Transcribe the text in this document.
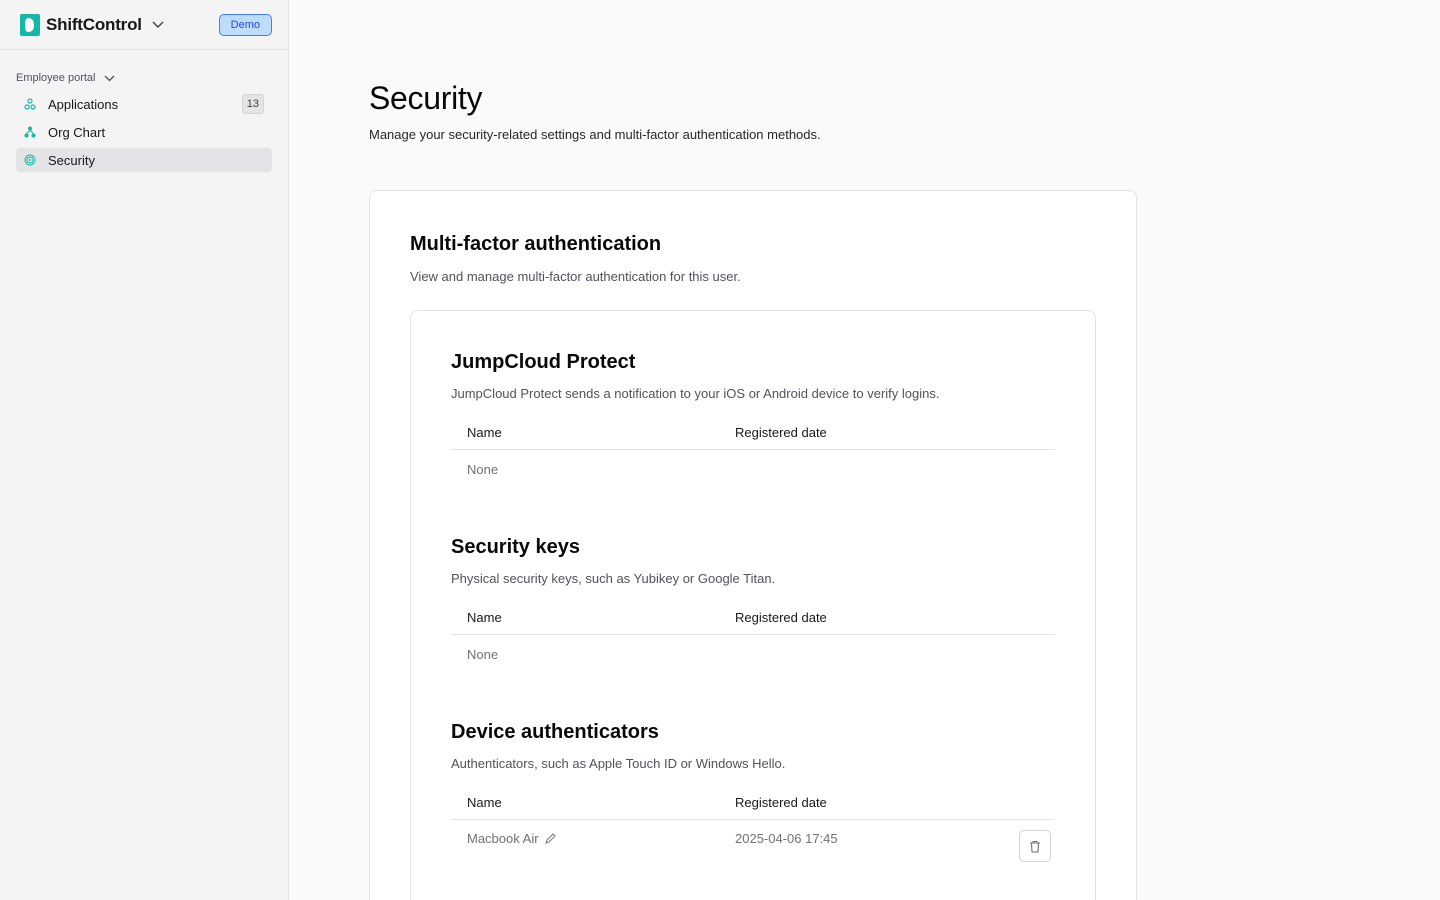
ShiftControl	Demo
Employee portal
Applications	13
Org Chart
Security
Security

Manage your security-related settings and multi-factor authentication methods.

Multi-factor authentication

View and manage multi-factor authentication for this user.

JumpCloud Protect

JumpCloud Protect sends a notification to your iOS or Android device to verify logins.

Name	Registered date
None
Security keys

Physical security keys, such as Yubikey or Google Titan.

Name	Registered date
None
Device authenticators

Authenticators, such as Apple Touch ID or Windows Hello.

Name	Registered date
Macbook Air	2025-04-06 17:45
